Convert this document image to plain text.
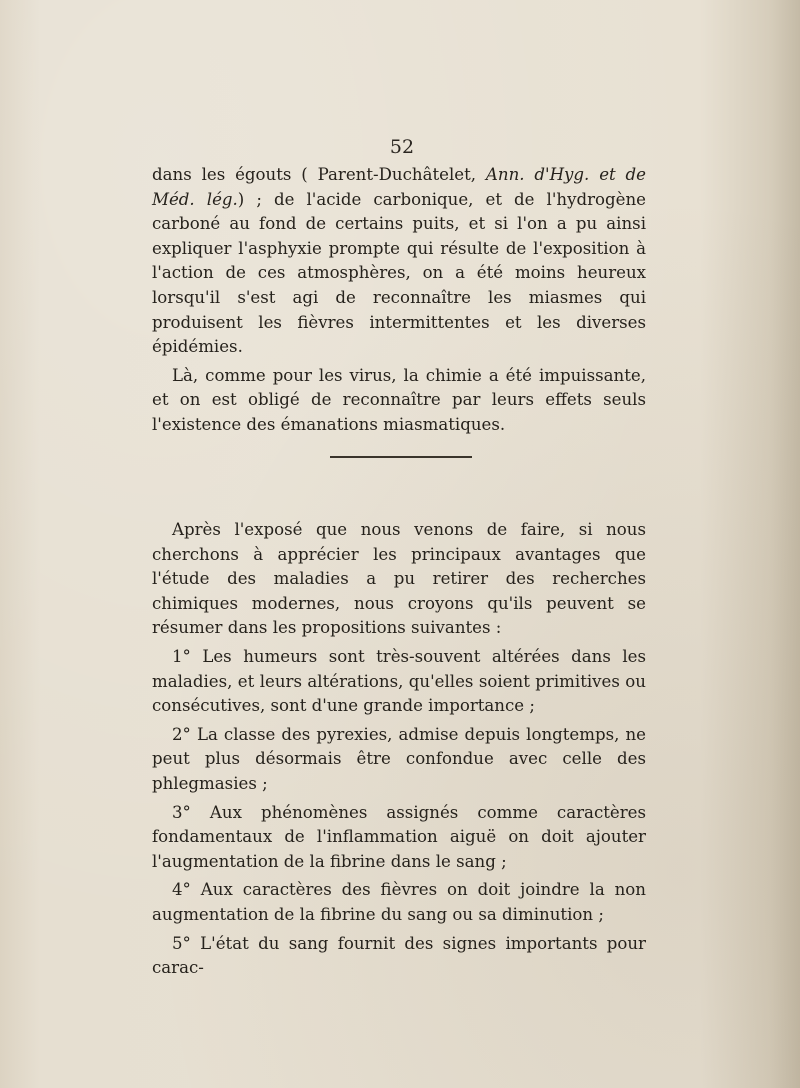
52

dans les égouts ( Parent-Duchâtelet, Ann. d'Hyg. et de Méd. lég.) ; de l'acide carbonique, et de l'hydrogène carboné au fond de certains puits, et si l'on a pu ainsi expliquer l'asphyxie prompte qui résulte de l'exposition à l'action de ces atmosphères, on a été moins heureux lorsqu'il s'est agi de reconnaître les miasmes qui produisent les fièvres intermittentes et les diverses épidémies.

Là, comme pour les virus, la chimie a été impuissante, et on est obligé de reconnaître par leurs effets seuls l'existence des émanations miasmatiques.

Après l'exposé que nous venons de faire, si nous cherchons à apprécier les principaux avantages que l'étude des maladies a pu retirer des recherches chimiques modernes, nous croyons qu'ils peuvent se résumer dans les propositions suivantes :

1° Les humeurs sont très-souvent altérées dans les maladies, et leurs altérations, qu'elles soient primitives ou consécutives, sont d'une grande importance ;

2° La classe des pyrexies, admise depuis longtemps, ne peut plus désormais être confondue avec celle des phlegmasies ;

3° Aux phénomènes assignés comme caractères fondamentaux de l'inflammation aiguë on doit ajouter l'augmentation de la fibrine dans le sang ;

4° Aux caractères des fièvres on doit joindre la non augmentation de la fibrine du sang ou sa diminution ;

5° L'état du sang fournit des signes importants pour carac-
